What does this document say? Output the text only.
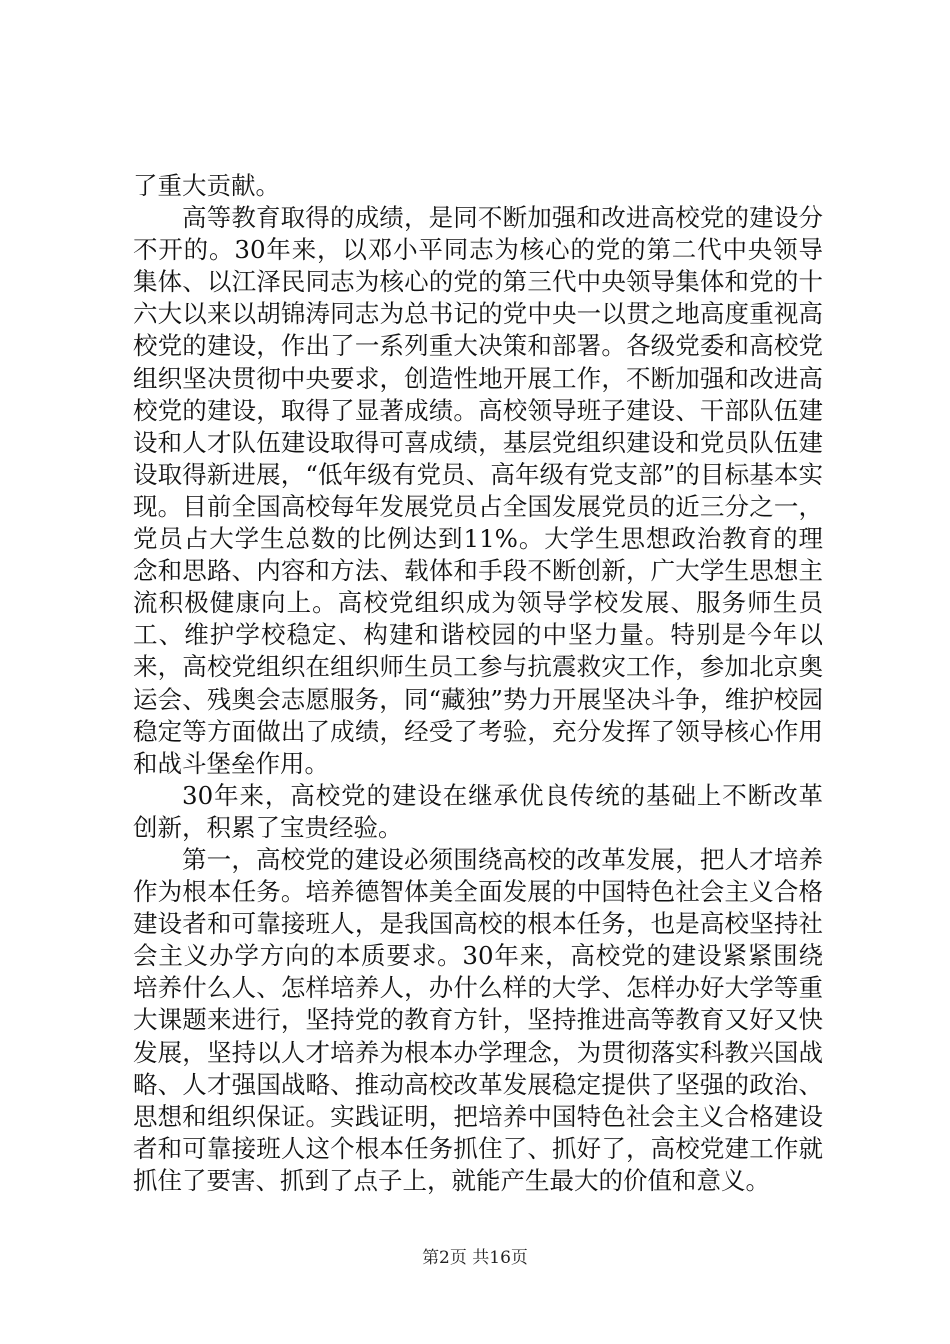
了重大贡献。

高等教育取得的成绩，是同不断加强和改进高校党的建设分不开的。30年来，以邓小平同志为核心的党的第二代中央领导集体、以江泽民同志为核心的党的第三代中央领导集体和党的十六大以来以胡锦涛同志为总书记的党中央一以贯之地高度重视高校党的建设，作出了一系列重大决策和部署。各级党委和高校党组织坚决贯彻中央要求，创造性地开展工作，不断加强和改进高校党的建设，取得了显著成绩。高校领导班子建设、干部队伍建设和人才队伍建设取得可喜成绩，基层党组织建设和党员队伍建设取得新进展，“低年级有党员、高年级有党支部”的目标基本实现。目前全国高校每年发展党员占全国发展党员的近三分之一，党员占大学生总数的比例达到11%。大学生思想政治教育的理念和思路、内容和方法、载体和手段不断创新，广大学生思想主流积极健康向上。高校党组织成为领导学校发展、服务师生员工、维护学校稳定、构建和谐校园的中坚力量。特别是今年以来，高校党组织在组织师生员工参与抗震救灾工作，参加北京奥运会、残奥会志愿服务，同“藏独”势力开展坚决斗争，维护校园稳定等方面做出了成绩，经受了考验，充分发挥了领导核心作用和战斗堡垒作用。

30年来，高校党的建设在继承优良传统的基础上不断改革创新，积累了宝贵经验。

第一，高校党的建设必须围绕高校的改革发展，把人才培养作为根本任务。培养德智体美全面发展的中国特色社会主义合格建设者和可靠接班人，是我国高校的根本任务，也是高校坚持社会主义办学方向的本质要求。30年来，高校党的建设紧紧围绕培养什么人、怎样培养人，办什么样的大学、怎样办好大学等重大课题来进行，坚持党的教育方针，坚持推进高等教育又好又快发展，坚持以人才培养为根本办学理念，为贯彻落实科教兴国战略、人才强国战略、推动高校改革发展稳定提供了坚强的政治、思想和组织保证。实践证明，把培养中国特色社会主义合格建设者和可靠接班人这个根本任务抓住了、抓好了，高校党建工作就抓住了要害、抓到了点子上，就能产生最大的价值和意义。

第2页 共16页
